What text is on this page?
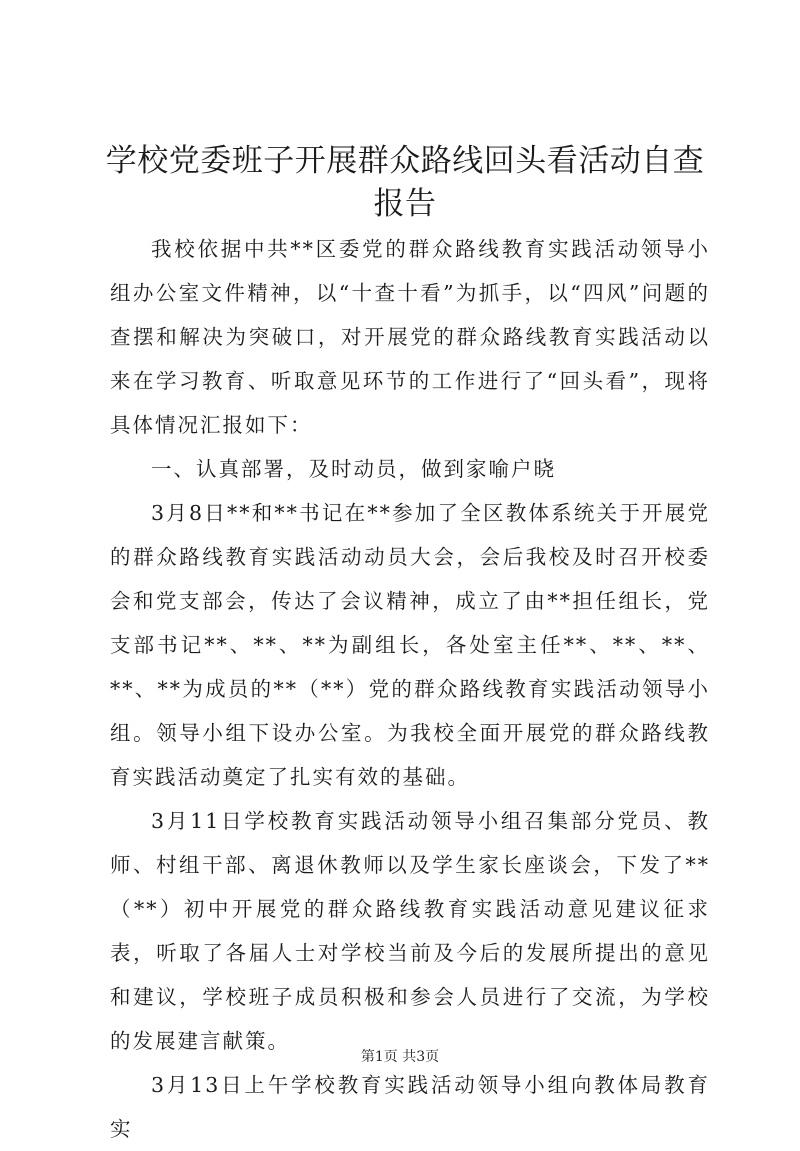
学校党委班子开展群众路线回头看活动自查报告

我校依据中共**区委党的群众路线教育实践活动领导小组办公室文件精神，以“十查十看”为抓手，以“四风”问题的查摆和解决为突破口，对开展党的群众路线教育实践活动以来在学习教育、听取意见环节的工作进行了“回头看”，现将具体情况汇报如下：

一、认真部署，及时动员，做到家喻户晓

3月8日**和**书记在**参加了全区教体系统关于开展党的群众路线教育实践活动动员大会，会后我校及时召开校委会和党支部会，传达了会议精神，成立了由**担任组长，党支部书记**、**、**为副组长，各处室主任**、**、**、**、**为成员的**（**）党的群众路线教育实践活动领导小组。领导小组下设办公室。为我校全面开展党的群众路线教育实践活动奠定了扎实有效的基础。

3月11日学校教育实践活动领导小组召集部分党员、教师、村组干部、离退休教师以及学生家长座谈会，下发了**（**）初中开展党的群众路线教育实践活动意见建议征求表，听取了各届人士对学校当前及今后的发展所提出的意见和建议，学校班子成员积极和参会人员进行了交流，为学校的发展建言献策。

3月13日上午学校教育实践活动领导小组向教体局教育实

第1页 共3页
